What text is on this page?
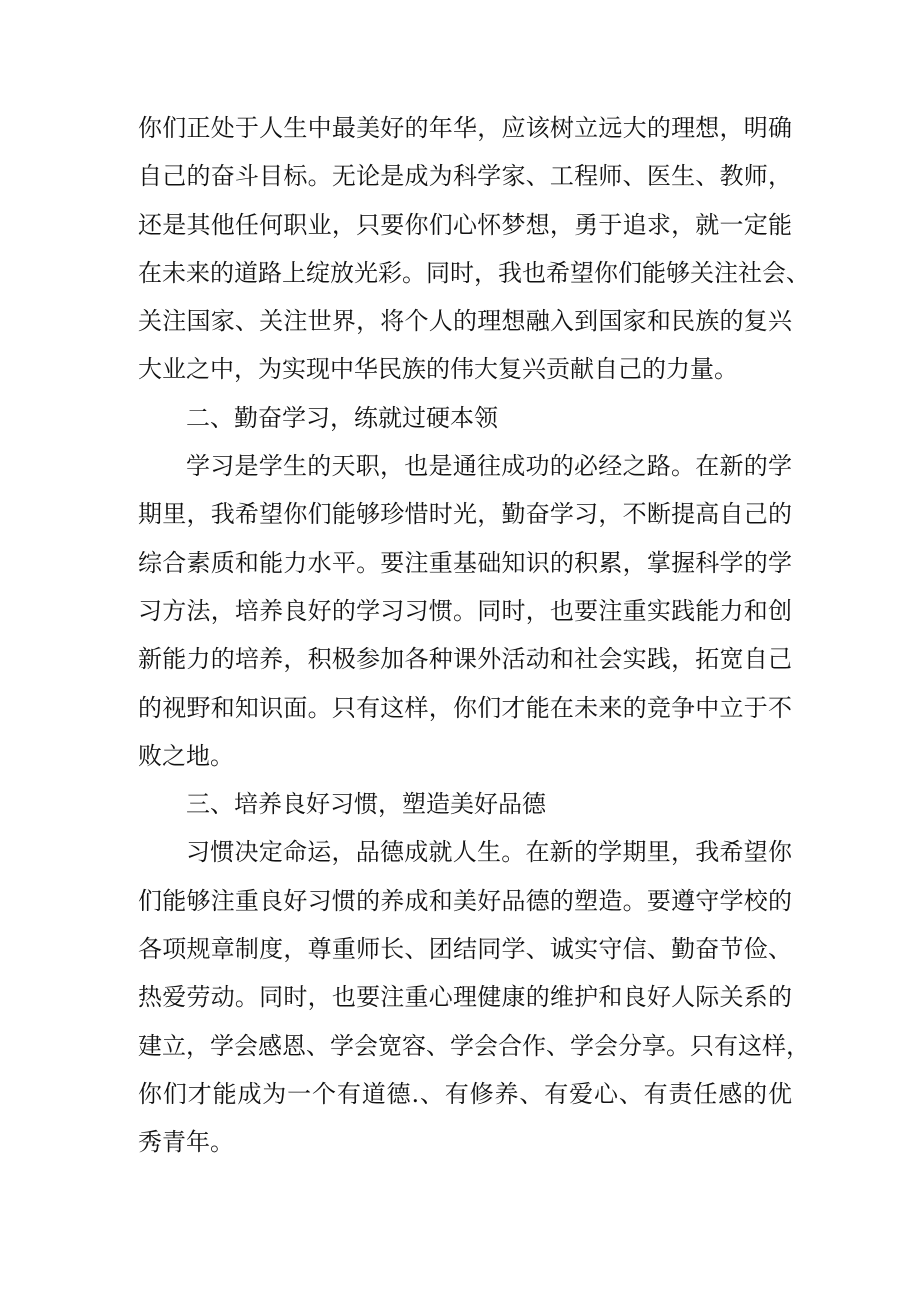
你们正处于人生中最美好的年华，应该树立远大的理想，明确
自己的奋斗目标。无论是成为科学家、工程师、医生、教师，
还是其他任何职业，只要你们心怀梦想，勇于追求，就一定能
在未来的道路上绽放光彩。同时，我也希望你们能够关注社会、
关注国家、关注世界，将个人的理想融入到国家和民族的复兴
大业之中，为实现中华民族的伟大复兴贡献自己的力量。
二、勤奋学习，练就过硬本领
学习是学生的天职，也是通往成功的必经之路。在新的学
期里，我希望你们能够珍惜时光，勤奋学习，不断提高自己的
综合素质和能力水平。要注重基础知识的积累，掌握科学的学
习方法，培养良好的学习习惯。同时，也要注重实践能力和创
新能力的培养，积极参加各种课外活动和社会实践，拓宽自己
的视野和知识面。只有这样，你们才能在未来的竞争中立于不
败之地。
三、培养良好习惯，塑造美好品德
习惯决定命运，品德成就人生。在新的学期里，我希望你
们能够注重良好习惯的养成和美好品德的塑造。要遵守学校的
各项规章制度，尊重师长、团结同学、诚实守信、勤奋节俭、
热爱劳动。同时，也要注重心理健康的维护和良好人际关系的
建立，学会感恩、学会宽容、学会合作、学会分享。只有这样，
你们才能成为一个有道德.、有修养、有爱心、有责任感的优
秀青年。
